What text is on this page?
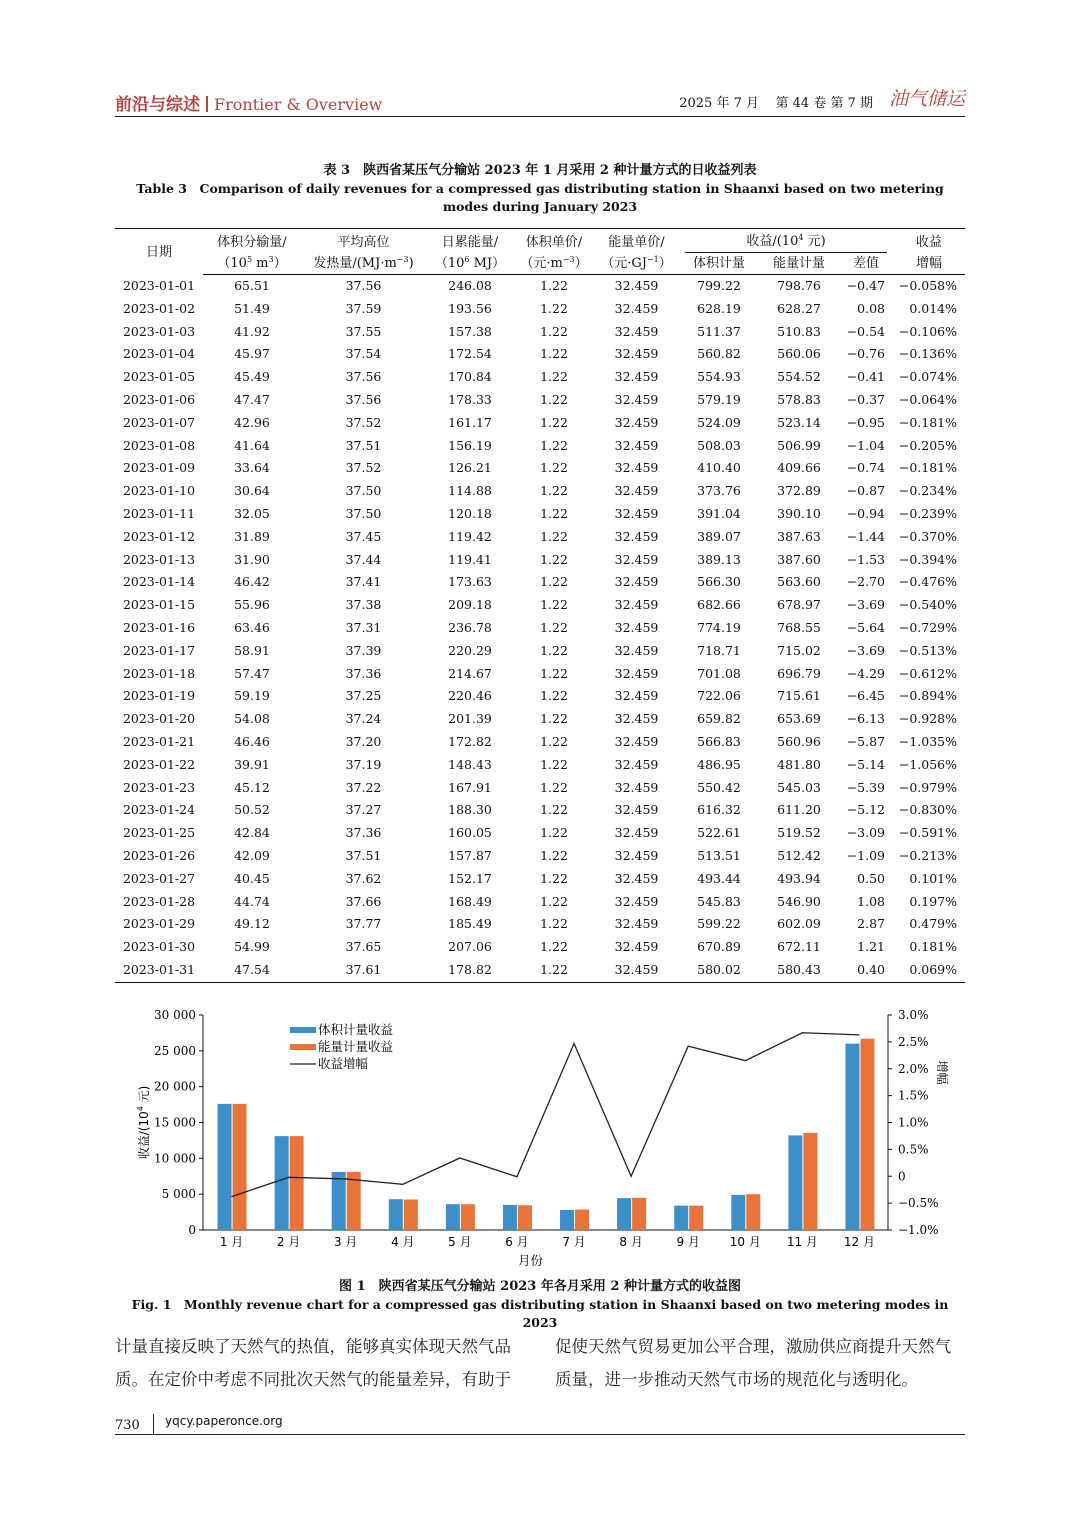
前沿与综述 Frontier & Overview	2025 年 7 月    第 44 卷 第 7 期 油气储运
表 3　陕西省某压气分输站 2023 年 1 月采用 2 种计量方式的日收益列表
Table 3　Comparison of daily revenues for a compressed gas distributing station in Shaanxi based on two metering modes during January 2023
日期	体积分输量/	平均高位	日累能量/	体积单价/	能量单价/	收益$/(10^4$ 元)			收益
	（$10^5$ $m^3$）	发热量$/(MJ\cdot m^{-3})$	（$10^6$ MJ）	（元$\cdot m^{-3}$）	（元$\cdot GJ^{-1}$）	体积计量	能量计量	差值	增幅
2023-01-01	65.51	37.56	246.08	1.22	32.459	799.22	798.76	−0.47	−0.058%
2023-01-02	51.49	37.59	193.56	1.22	32.459	628.19	628.27	0.08	0.014%
2023-01-03	41.92	37.55	157.38	1.22	32.459	511.37	510.83	−0.54	−0.106%
2023-01-04	45.97	37.54	172.54	1.22	32.459	560.82	560.06	−0.76	−0.136%
2023-01-05	45.49	37.56	170.84	1.22	32.459	554.93	554.52	−0.41	−0.074%
2023-01-06	47.47	37.56	178.33	1.22	32.459	579.19	578.83	−0.37	−0.064%
2023-01-07	42.96	37.52	161.17	1.22	32.459	524.09	523.14	−0.95	−0.181%
2023-01-08	41.64	37.51	156.19	1.22	32.459	508.03	506.99	−1.04	−0.205%
2023-01-09	33.64	37.52	126.21	1.22	32.459	410.40	409.66	−0.74	−0.181%
2023-01-10	30.64	37.50	114.88	1.22	32.459	373.76	372.89	−0.87	−0.234%
2023-01-11	32.05	37.50	120.18	1.22	32.459	391.04	390.10	−0.94	−0.239%
2023-01-12	31.89	37.45	119.42	1.22	32.459	389.07	387.63	−1.44	−0.370%
2023-01-13	31.90	37.44	119.41	1.22	32.459	389.13	387.60	−1.53	−0.394%
2023-01-14	46.42	37.41	173.63	1.22	32.459	566.30	563.60	−2.70	−0.476%
2023-01-15	55.96	37.38	209.18	1.22	32.459	682.66	678.97	−3.69	−0.540%
2023-01-16	63.46	37.31	236.78	1.22	32.459	774.19	768.55	−5.64	−0.729%
2023-01-17	58.91	37.39	220.29	1.22	32.459	718.71	715.02	−3.69	−0.513%
2023-01-18	57.47	37.36	214.67	1.22	32.459	701.08	696.79	−4.29	−0.612%
2023-01-19	59.19	37.25	220.46	1.22	32.459	722.06	715.61	−6.45	−0.894%
2023-01-20	54.08	37.24	201.39	1.22	32.459	659.82	653.69	−6.13	−0.928%
2023-01-21	46.46	37.20	172.82	1.22	32.459	566.83	560.96	−5.87	−1.035%
2023-01-22	39.91	37.19	148.43	1.22	32.459	486.95	481.80	−5.14	−1.056%
2023-01-23	45.12	37.22	167.91	1.22	32.459	550.42	545.03	−5.39	−0.979%
2023-01-24	50.52	37.27	188.30	1.22	32.459	616.32	611.20	−5.12	−0.830%
2023-01-25	42.84	37.36	160.05	1.22	32.459	522.61	519.52	−3.09	−0.591%
2023-01-26	42.09	37.51	157.87	1.22	32.459	513.51	512.42	−1.09	−0.213%
2023-01-27	40.45	37.62	152.17	1.22	32.459	493.44	493.94	0.50	0.101%
2023-01-28	44.74	37.66	168.49	1.22	32.459	545.83	546.90	1.08	0.197%
2023-01-29	49.12	37.77	185.49	1.22	32.459	599.22	602.09	2.87	0.479%
2023-01-30	54.99	37.65	207.06	1.22	32.459	670.89	672.11	1.21	0.181%
2023-01-31	47.54	37.61	178.82	1.22	32.459	580.02	580.43	0.40	0.069%
0
5 000
10 000
15 000
20 000
25 000
30 000
−1.0%
−0.5%
0
0.5%
1.0%
1.5%
2.0%
2.5%
3.0%
1 月	2 月	3 月	4 月	5 月	6 月	7 月	8 月	9 月 10 月 11 月 12 月
月份
收益$/(10^4$ 元)
增幅
体积计量收益
能量计量收益
收益增幅
图 1　陕西省某压气分输站 2023 年各月采用 2 种计量方式的收益图
Fig. 1　Monthly revenue chart for a compressed gas distributing station in Shaanxi based on two metering modes in 2023
计量直接反映了天然气的热值，能够真实体现天然气品质。在定价中考虑不同批次天然气的能量差异，有助于
促使天然气贸易更加公平合理，激励供应商提升天然气质量，进一步推动天然气市场的规范化与透明化。
730 yqcy.paperonce.org
